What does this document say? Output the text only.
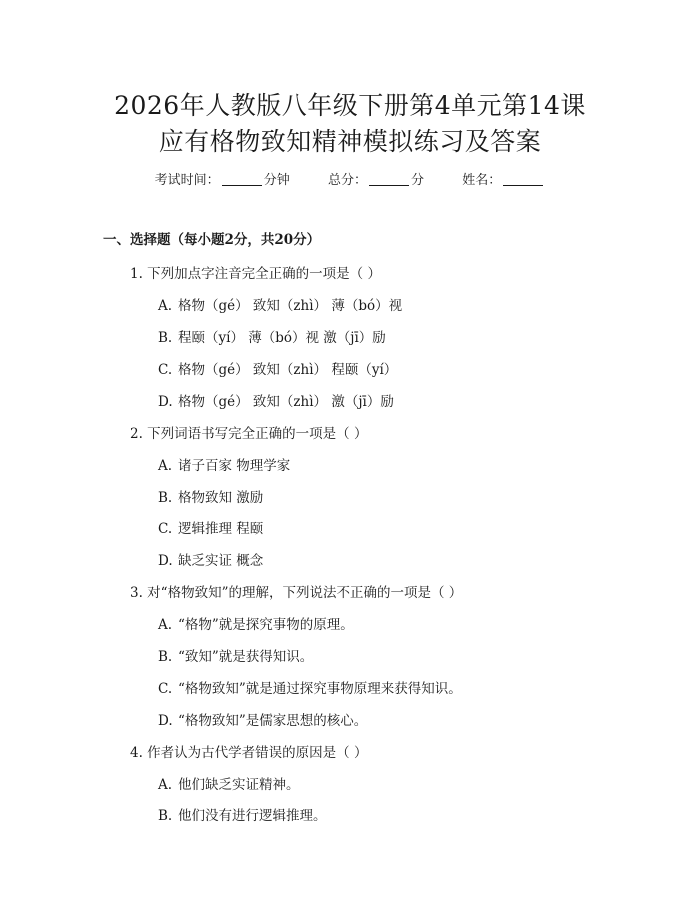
2026年人教版八年级下册第4单元第14课
应有格物致知精神模拟练习及答案
考试时间：	分钟	总分：	分	姓名：
一、选择题（每小题2分，共20分）
1. 下列加点字注音完全正确的一项是（ ）
A. 格物（gé） 致知（zhì） 薄（bó）视
B. 程颐（yí） 薄（bó）视 激（jī）励
C. 格物（gé） 致知（zhì） 程颐（yí）
D. 格物（gé） 致知（zhì） 激（jī）励
2. 下列词语书写完全正确的一项是（ ）
A. 诸子百家 物理学家
B. 格物致知 激励
C. 逻辑推理 程颐
D. 缺乏实证 概念
3. 对“格物致知”的理解，下列说法不正确的一项是（ ）
A. “格物”就是探究事物的原理。
B. “致知”就是获得知识。
C. “格物致知”就是通过探究事物原理来获得知识。
D. “格物致知”是儒家思想的核心。
4. 作者认为古代学者错误的原因是（ ）
A. 他们缺乏实证精神。
B. 他们没有进行逻辑推理。
